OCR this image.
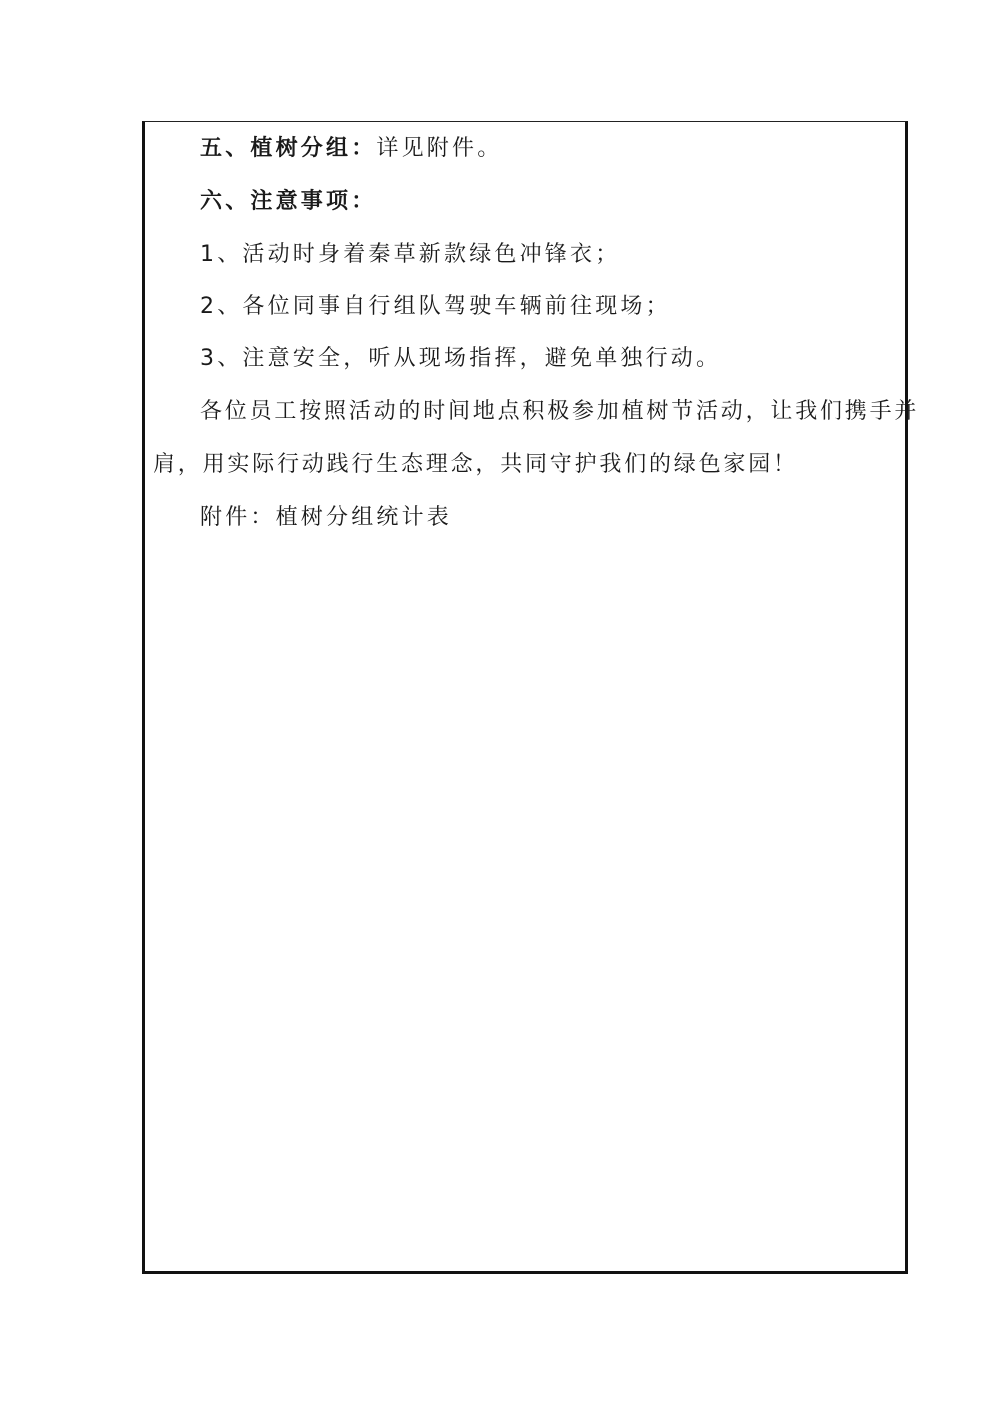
五、植树分组：详见附件。
六、注意事项：
1、活动时身着秦草新款绿色冲锋衣；
2、各位同事自行组队驾驶车辆前往现场；
3、注意安全，听从现场指挥，避免单独行动。
各位员工按照活动的时间地点积极参加植树节活动，让我们携手并
肩，用实际行动践行生态理念，共同守护我们的绿色家园！
附件：植树分组统计表
